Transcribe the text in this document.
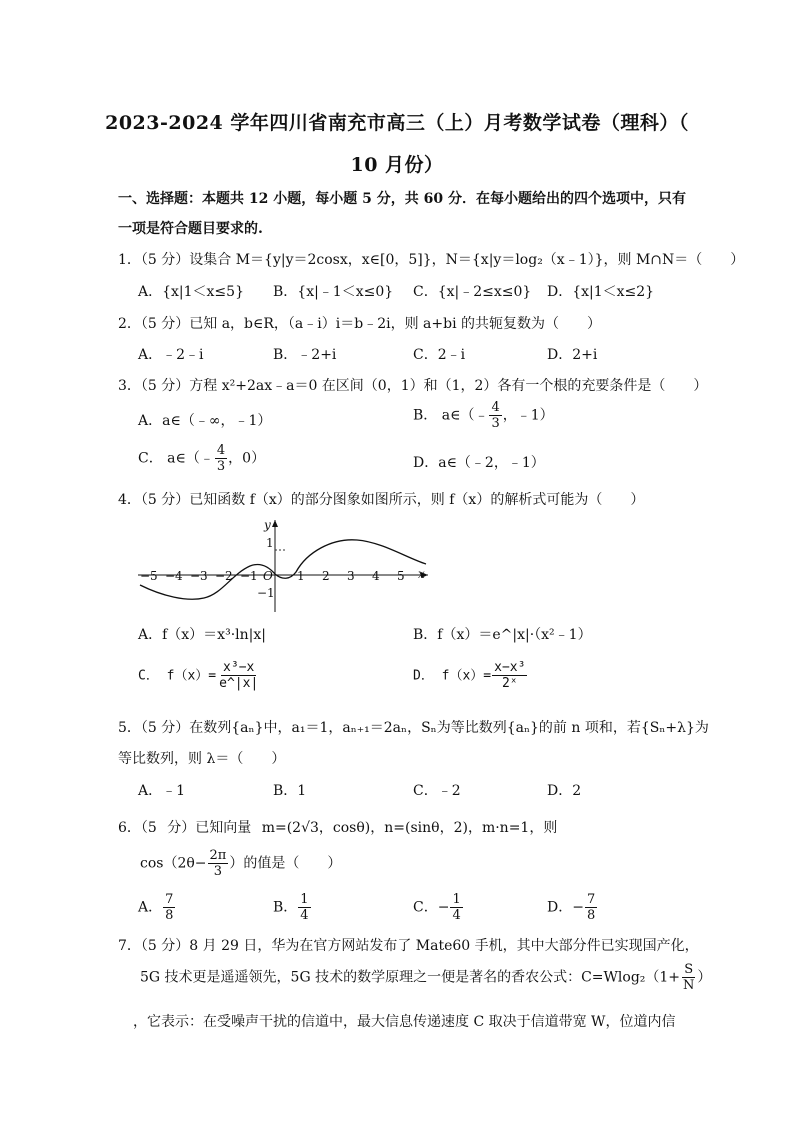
2023-2024 学年四川省南充市高三（上）月考数学试卷（理科）（
10 月份）
一、选择题：本题共 12 小题，每小题 5 分，共 60 分．在每小题给出的四个选项中，只有
一项是符合题目要求的.
1．（5 分）设集合 M＝{y|y＝2cosx，x∈[0，5]}，N＝{x|y＝log₂（x﹣1）}，则 M∩N＝（　　）
A．{x|1＜x≤5} B．{x|﹣1＜x≤0} C．{x|﹣2≤x≤0} D．{x|1＜x≤2}
2．（5 分）已知 a，b∈R，（a﹣i）i＝b﹣2i，则 a+bi 的共轭复数为（　　）
A．﹣2﹣i	B．﹣2+i	C．2﹣i	D．2+i
3．（5 分）方程 x²+2ax﹣a＝0 在区间（0，1）和（1，2）各有一个根的充要条件是（　　）
A．a∈（﹣∞，﹣1）	B． a∈（﹣ $\frac{4}{3}$ ，﹣1）
C． a∈（﹣ $\frac{4}{3}$ ，0）	D．a∈（﹣2，﹣1）
4．（5 分）已知函数 f（x）的部分图象如图所示，则 f（x）的解析式可能为（　　）
−5 −4 −3 −2 −1 O 1 2 3 4 5
1
−1
x
y
A．f（x）＝x³·ln|x|	B．f（x）＝e^|x|·（x²﹣1）
C． $f(x)= \frac{\text{x³−x}}{e\^{}|x|}$	D． $f(x)= \frac{\text{x−x³}}{\text{2ˣ}}$
5．（5 分）在数列{aₙ}中，a₁＝1，aₙ₊₁＝2aₙ，Sₙ为等比数列{aₙ}的前 n 项和，若{Sₙ+λ}为
等比数列，则 λ＝（　　）
A．﹣1	B．1	C．﹣2	D．2
6．（5 分）已知向量 m=(2√3，cosθ)，n=(sinθ，2)，m·n=1，则
$\cos(2\theta- \frac{2\pi}{3}$ ）的值是（　　）
A． $\frac{7}{8}$	B． $\frac{1}{4}$	C．− $\frac{1}{4}$	D．− $\frac{7}{8}$
7．（5 分）8 月 29 日，华为在官方网站发布了 Mate60 手机，其中大部分件已实现国产化，
5G 技术更是遥遥领先，5G 技术的数学原理之一便是著名的香农公式：$C=Wlog_2(1+ \frac{S}{N}$ ）
，它表示：在受噪声干扰的信道中，最大信息传递速度 C 取决于信道带宽 W，位道内信
